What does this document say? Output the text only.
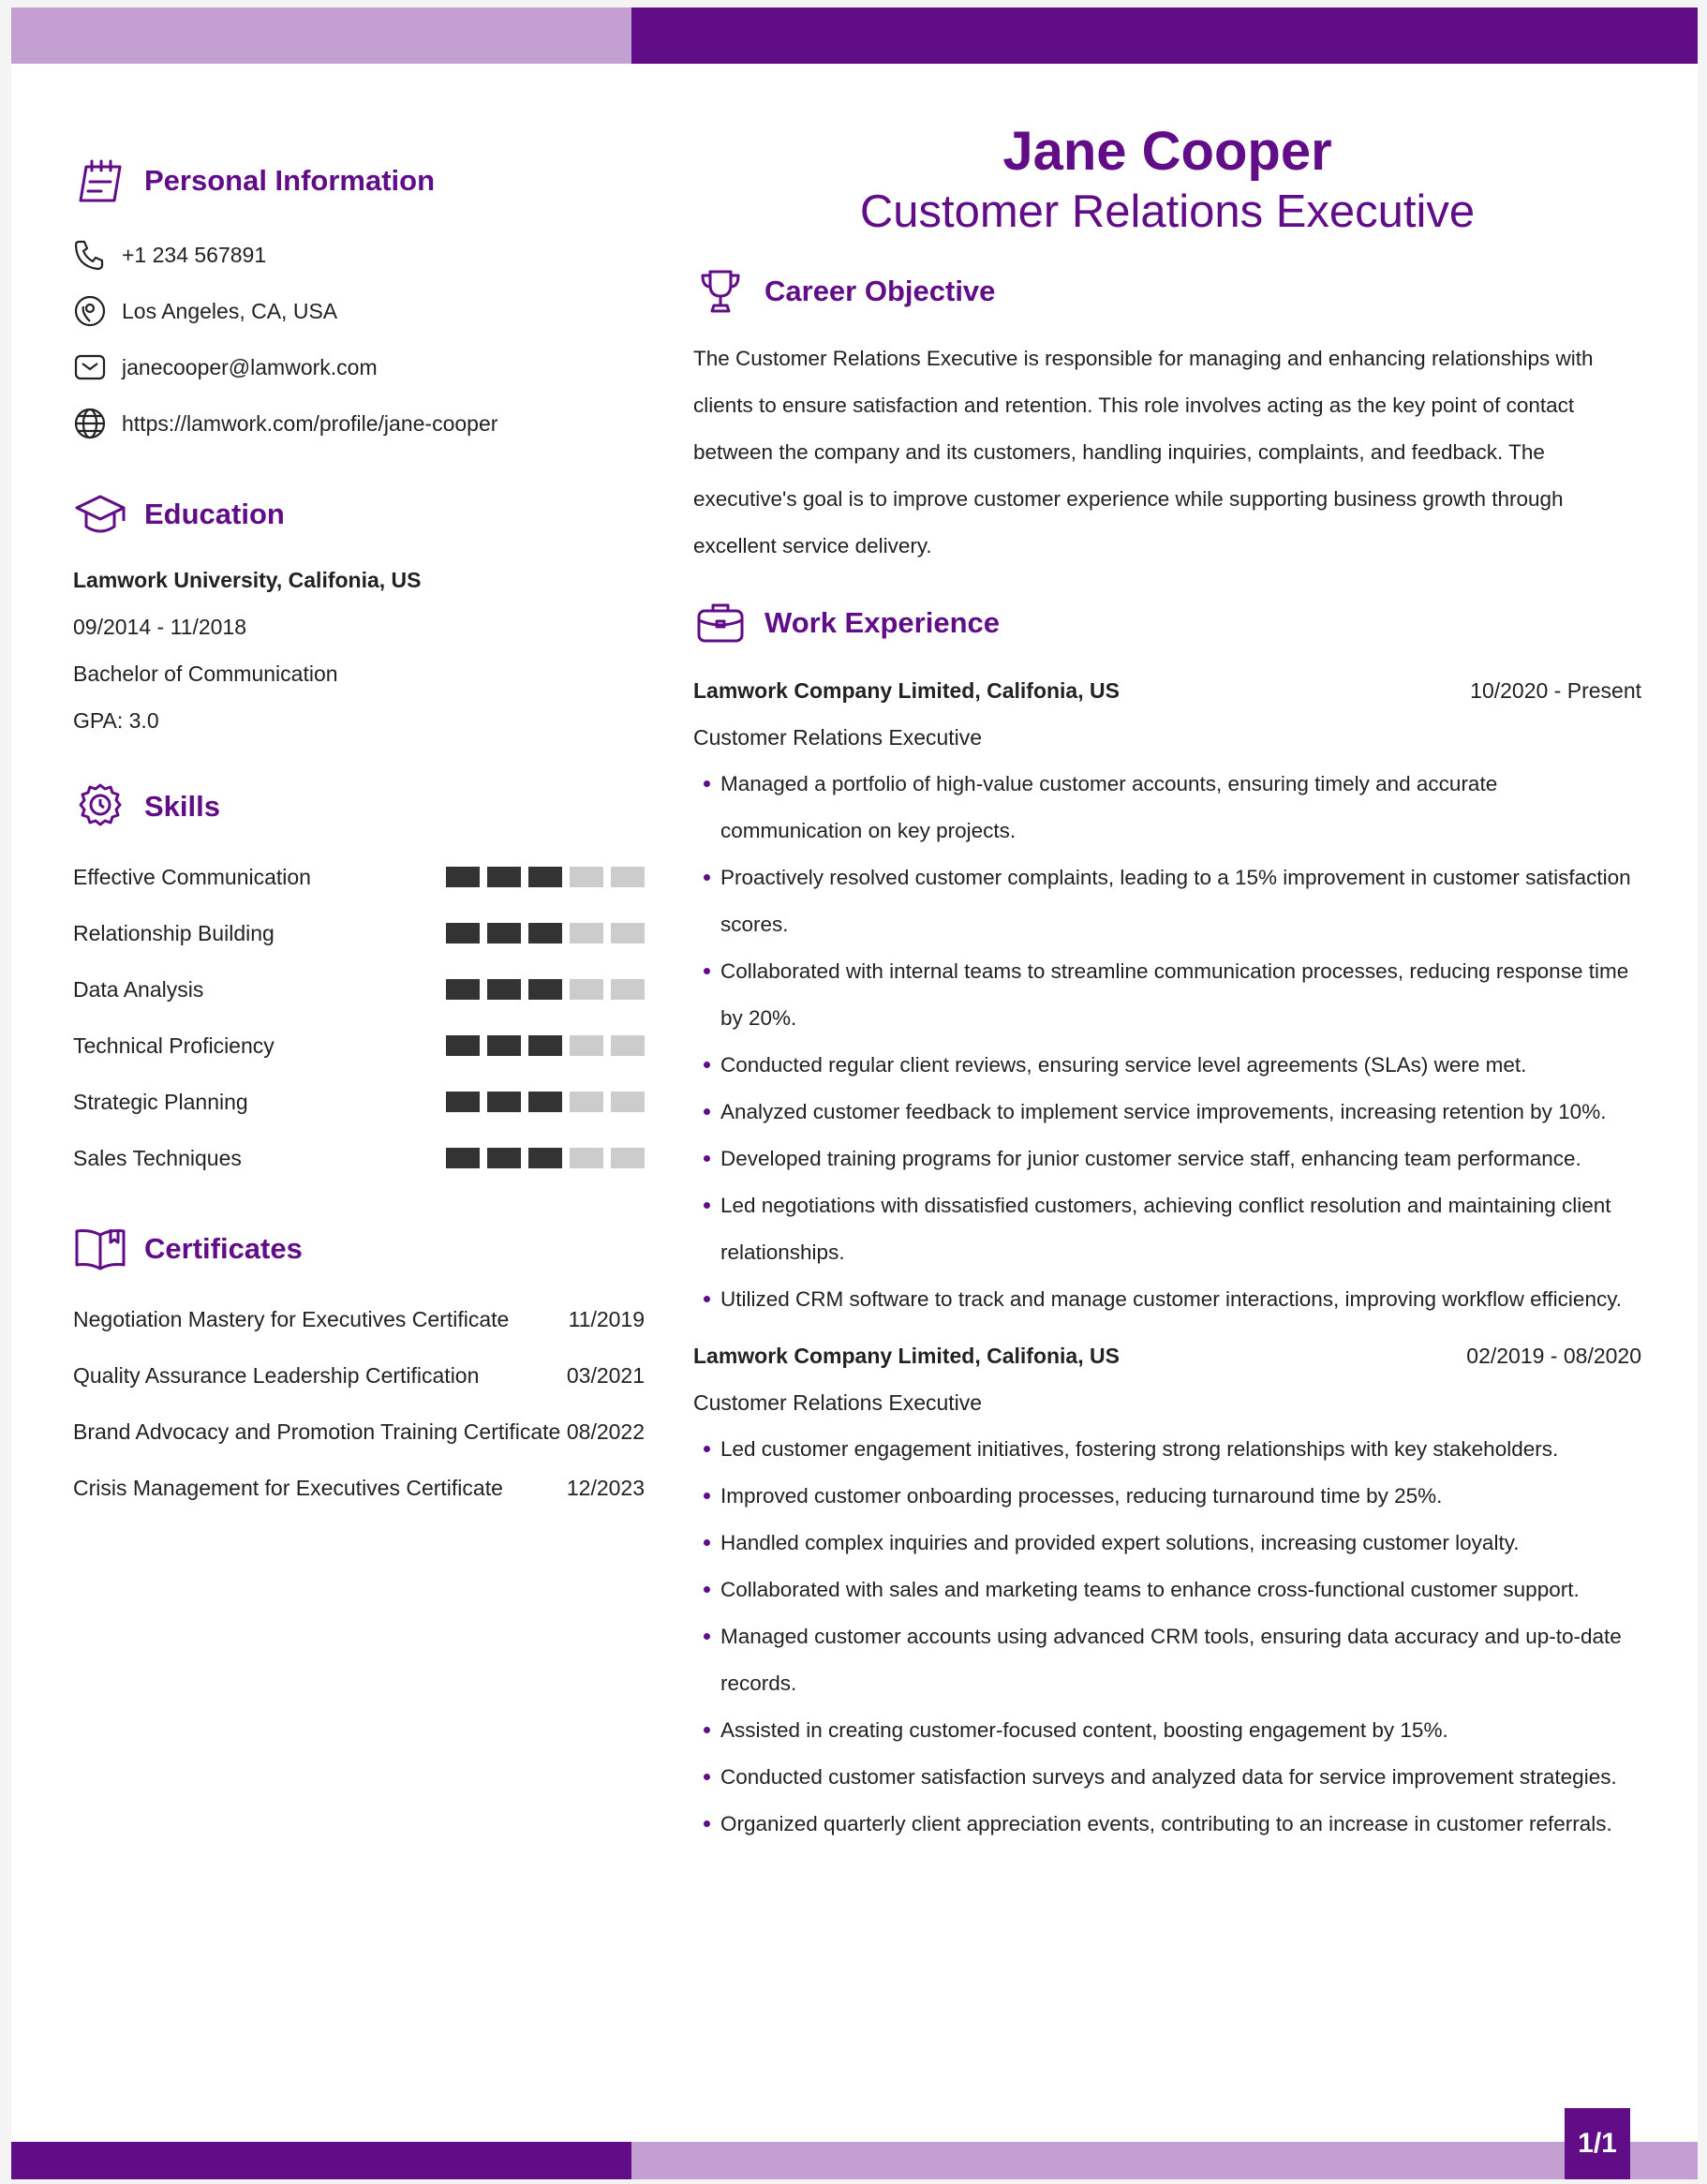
1/1
Personal Information
+1 234 567891
Los Angeles, CA, USA
janecooper@lamwork.com
https://lamwork.com/profile/jane-cooper
Education
Lamwork University, Califonia, US
09/2014 - 11/2018
Bachelor of Communication
GPA: 3.0
Skills
Effective Communication
Relationship Building
Data Analysis
Technical Proficiency
Strategic Planning
Sales Techniques
Certificates
Negotiation Mastery for Executives Certificate	11/2019
Quality Assurance Leadership Certification	03/2021
Brand Advocacy and Promotion Training Certificate 08/2022
Crisis Management for Executives Certificate	12/2023
Jane Cooper
Customer Relations Executive
Career Objective
The Customer Relations Executive is responsible for managing and enhancing relationships with clients to ensure satisfaction and retention. This role involves acting as the key point of contact between the company and its customers, handling inquiries, complaints, and feedback. The executive's goal is to improve customer experience while supporting business growth through excellent service delivery.
Work Experience
Lamwork Company Limited, Califonia, US	10/2020 - Present
Customer Relations Executive
Managed a portfolio of high-value customer accounts, ensuring timely and accurate communication on key projects.
Proactively resolved customer complaints, leading to a 15% improvement in customer satisfaction scores.
Collaborated with internal teams to streamline communication processes, reducing response time by 20%.
Conducted regular client reviews, ensuring service level agreements (SLAs) were met.
Analyzed customer feedback to implement service improvements, increasing retention by 10%.
Developed training programs for junior customer service staff, enhancing team performance.
Led negotiations with dissatisfied customers, achieving conflict resolution and maintaining client relationships.
Utilized CRM software to track and manage customer interactions, improving workflow efficiency.
Lamwork Company Limited, Califonia, US	02/2019 - 08/2020
Customer Relations Executive
Led customer engagement initiatives, fostering strong relationships with key stakeholders.
Improved customer onboarding processes, reducing turnaround time by 25%.
Handled complex inquiries and provided expert solutions, increasing customer loyalty.
Collaborated with sales and marketing teams to enhance cross-functional customer support.
Managed customer accounts using advanced CRM tools, ensuring data accuracy and up-to-date records.
Assisted in creating customer-focused content, boosting engagement by 15%.
Conducted customer satisfaction surveys and analyzed data for service improvement strategies.
Organized quarterly client appreciation events, contributing to an increase in customer referrals.
